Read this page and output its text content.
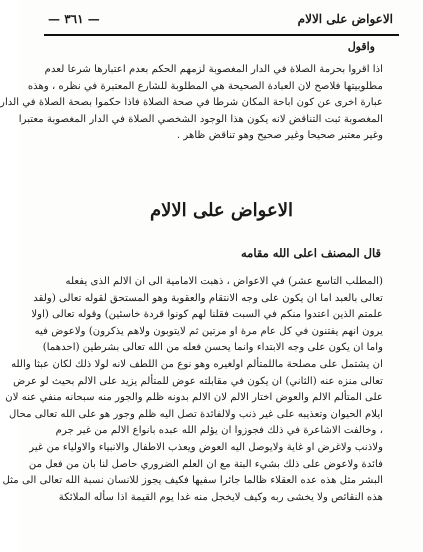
الاعواض على الالام
— ٣٦١ —
واقول
اذا اقروا بحرمة الصلاة في الدار المغصوبة لزمهم الحكم بعدم اعتبارها شرعا لعدم
مطلوبيتها فلاصح لان العبادة الصحيحة هي المطلوبة للشارع المعتبرة في نظره ، وهذه
عبارة اخرى عن كون اباحة المكان شرطا في صحة الصلاة فاذا حكموا بصحة الصلاة في الدار
المغصوبة ثبت التناقض لانه يكون هذا الوجود الشخصي الصلاة في الدار المغصوبة معتبرا
وغير معتبر صحيحا وغير صحيح وهو تناقض ظاهر .
الاعواض على الالام
قال المصنف اعلى الله مقامه
(المطلب التاسع عشر) في الاعواض ، ذهبت الامامية الى ان الالم الذى يفعله
تعالى بالعبد اما ان يكون على وجه الانتقام والعقوبة وهو المستحق لقوله تعالى (ولقد
علمتم الذين اعتدوا منكم في السبت فقلنا لهم كونوا قردة خاسئين) وقوله تعالى (اولا
يرون انهم يفتنون في كل عام مرة او مرتين ثم لايتوبون ولاهم يذكرون) ولاعوض فيه
واما ان يكون على وجه الابتداء وانما يحسن فعله من الله تعالى بشرطين (احدهما)
ان يشتمل على مصلحة ماللمتألم اولغيره وهو نوع من اللطف لانه لولا ذلك لكان عبثا والله
تعالى منزه عنه (الثاني) ان يكون في مقابلته عوض للمتألم يزيد على الالم بحيث لو عرض
على المتألم الالم والعوض اختار الالم لان الالم بدونه ظلم والجور منه سبحانه منفي عنه لان
ايلام الحيوان وتعذيبه على غير ذنب ولالفائدة تصل اليه ظلم وجور هو على الله تعالى محال
، وخالفت الاشاعرة في ذلك فجوزوا ان يؤلم الله عبده بانواع الالم من غير جرم
ولاذنب ولاغرض او غاية ولايوصل اليه العوض ويعذب الاطفال والانبياء والاولياء من غير
فائدة ولاعوض على ذلك بشيء البتة مع ان العلم الضروري حاصل لنا بان من فعل من
البشر مثل هذه عده العقلاء ظالما جائرا سفيها فكيف يجوز للانسان نسبة الله تعالى الى مثل
هذه النقائص ولا يخشى ربه وكيف لايخجل منه غدا يوم القيمة اذا سأله الملائكة
